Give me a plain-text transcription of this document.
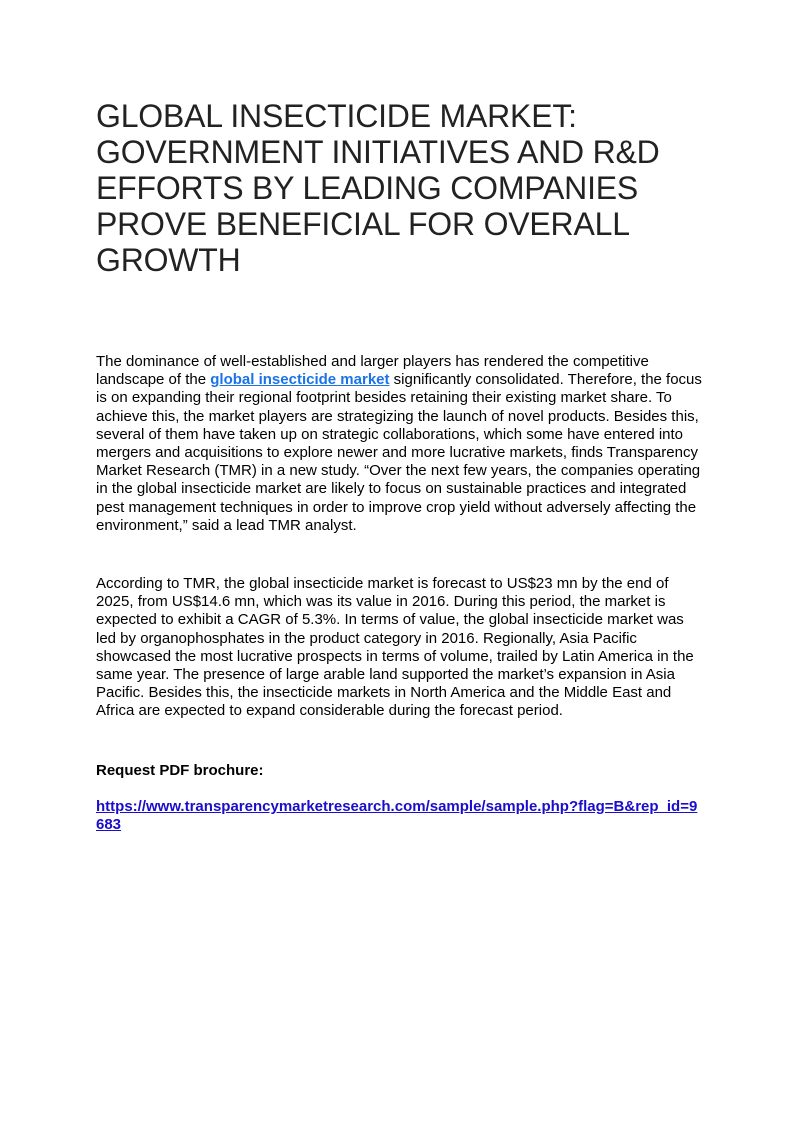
GLOBAL INSECTICIDE MARKET: GOVERNMENT INITIATIVES AND R&D EFFORTS BY LEADING COMPANIES PROVE BENEFICIAL FOR OVERALL GROWTH

The dominance of well-established and larger players has rendered the competitive landscape of the global insecticide market significantly consolidated. Therefore, the focus is on expanding their regional footprint besides retaining their existing market share. To achieve this, the market players are strategizing the launch of novel products. Besides this, several of them have taken up on strategic collaborations, which some have entered into mergers and acquisitions to explore newer and more lucrative markets, finds Transparency Market Research (TMR) in a new study. “Over the next few years, the companies operating in the global insecticide market are likely to focus on sustainable practices and integrated pest management techniques in order to improve crop yield without adversely affecting the environment,” said a lead TMR analyst.

According to TMR, the global insecticide market is forecast to US$23 mn by the end of 2025, from US$14.6 mn, which was its value in 2016. During this period, the market is expected to exhibit a CAGR of 5.3%. In terms of value, the global insecticide market was led by organophosphates in the product category in 2016. Regionally, Asia Pacific showcased the most lucrative prospects in terms of volume, trailed by Latin America in the same year. The presence of large arable land supported the market’s expansion in Asia Pacific. Besides this, the insecticide markets in North America and the Middle East and Africa are expected to expand considerable during the forecast period.

Request PDF brochure:

https://www.transparencymarketresearch.com/sample/sample.php?flag=B&rep_id=9683
